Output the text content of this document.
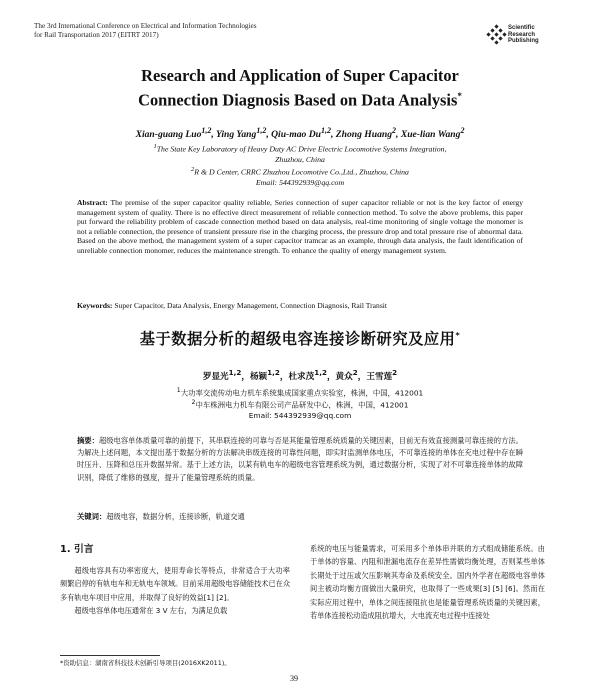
The 3rd International Conference on Electrical and Information Technologies
for Rail Transportation 2017 (EITRT 2017)
Scientific
Research
Publishing
Research and Application of Super Capacitor
Connection Diagnosis Based on Data Analysis*
Xian-guang Luo$^{1,2}$, Ying Yang$^{1,2}$, Qiu-mao Du$^{1,2}$, Zhong Huang$^2$, Xue-lian Wang$^2$
$^1$The State Key Laboratory of Heavy Duty AC Drive Electric Locomotive Systems Integration,
Zhuzhou, China
$^2$R & D Center, CRRC Zhuzhou Locomotive Co.,Ltd., Zhuzhou, China
Email: 544392939@qq.com
Abstract: The premise of the super capacitor quality reliable, Series connection of super capacitor reliable or not is the key factor of energy management system of quality. There is no effective direct measurement of reliable connection method. To solve the above problems, this paper put forward the reliability problem of cascade connection method based on data analysis, real-time monitoring of single voltage the monomer is not a reliable connection, the presence of transient pressure rise in the charging process, the pressure drop and total pressure rise of abnormal data. Based on the above method, the management system of a super capacitor tramcar as an example, through data analysis, the fault identification of unreliable connection monomer, reduces the maintenance strength. To enhance the quality of energy management system.
Keywords: Super Capacitor, Data Analysis, Energy Management, Connection Diagnosis, Rail Transit
基于数据分析的超级电容连接诊断研究及应用*
罗显光$^{1,2}$，杨颖$^{1,2}$，杜求茂$^{1,2}$，黄众$^2$，王雪莲$^2$
$^1$大功率交流传动电力机车系统集成国家重点实验室，株洲，中国，412001
$^2$中车株洲电力机车有限公司产品研发中心，株洲，中国，412001
Email: 544392939@qq.com
摘要：超级电容单体质量可靠的前提下，其串联连接的可靠与否是其能量管理系统质量的关键因素，目前无有效直接测量可靠连接的方法。为解决上述问题，本文提出基于数据分析的方法解决串级连接的可靠性问题，即实时监测单体电压，不可靠连接的单体在充电过程中存在瞬时压升、压降和总压升数据异常。基于上述方法，以某有轨电车的超级电容管理系统为例，通过数据分析，实现了对不可靠连接单体的故障识别，降低了维修的强度，提升了能量管理系统的质量。
关键词：超级电容，数据分析，连接诊断，轨道交通
1. 引言

超级电容具有功率密度大，使用寿命长等特点，非常适合于大功率频繁启停的有轨电车和无轨电车领域。目前采用超级电容储能技术已在众多有轨电车项目中应用，并取得了良好的效益[1] [2]。

超级电容单体电压通常在 3 V 左右，为满足负载

系统的电压与能量需求，可采用多个单体串并联的方式组成储能系统。由于单体的容量、内阻和泄漏电流存在差异性需做均衡处理，否则某些单体长期处于过压或欠压影响其寿命及系统安全。国内外学者在超级电容单体间主被动均衡方面做出大量研究，也取得了一些成果[3] [5] [6]。然而在实际应用过程中，单体之间连接阻抗也是能量管理系统质量的关键因素，若单体连接松动造成阻抗增大，大电流充电过程中连接处
*资助信息：湖南省科技技术创新引导项目(2016XK2011)。
39
